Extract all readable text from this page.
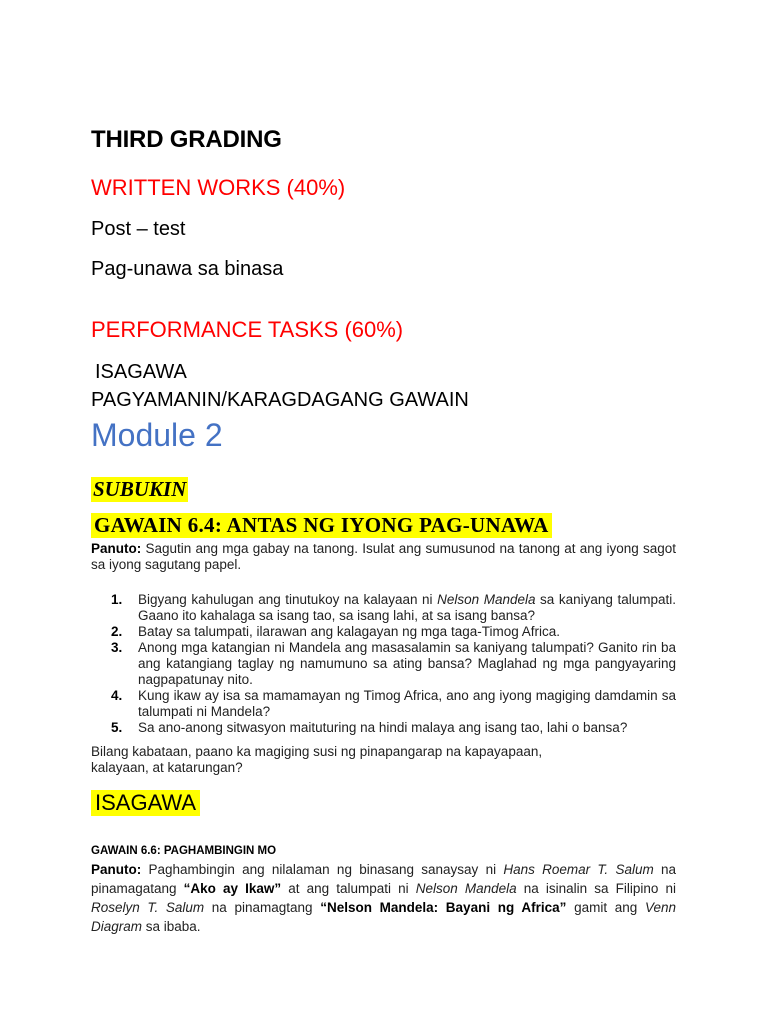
THIRD GRADING
WRITTEN WORKS (40%)
Post – test
Pag-unawa sa binasa
PERFORMANCE TASKS (60%)
ISAGAWA
PAGYAMANIN/KARAGDAGANG GAWAIN
Module 2
SUBUKIN
GAWAIN 6.4: ANTAS NG IYONG PAG-UNAWA

Panuto: Sagutin ang mga gabay na tanong. Isulat ang sumusunod na tanong at ang iyong sagot sa iyong sagutang papel.

1. Bigyang kahulugan ang tinutukoy na kalayaan ni Nelson Mandela sa kaniyang talumpati. Gaano ito kahalaga sa isang tao, sa isang lahi, at sa isang bansa?
2. Batay sa talumpati, ilarawan ang kalagayan ng mga taga-Timog Africa.
3. Anong mga katangian ni Mandela ang masasalamin sa kaniyang talumpati? Ganito rin ba ang katangiang taglay ng namumuno sa ating bansa? Maglahad ng mga pangyayaring nagpapatunay nito.
4. Kung ikaw ay isa sa mamamayan ng Timog Africa, ano ang iyong magiging damdamin sa talumpati ni Mandela?
5. Sa ano-anong sitwasyon maituturing na hindi malaya ang isang tao, lahi o bansa?

Bilang kabataan, paano ka magiging susi ng pinapangarap na kapayapaan, kalayaan, at katarungan?

ISAGAWA
GAWAIN 6.6: PAGHAMBINGIN MO

Panuto: Paghambingin ang nilalaman ng binasang sanaysay ni Hans Roemar T. Salum na pinamagatang “Ako ay Ikaw” at ang talumpati ni Nelson Mandela na isinalin sa Filipino ni Roselyn T. Salum na pinamagtang “Nelson Mandela: Bayani ng Africa” gamit ang Venn Diagram sa ibaba.
